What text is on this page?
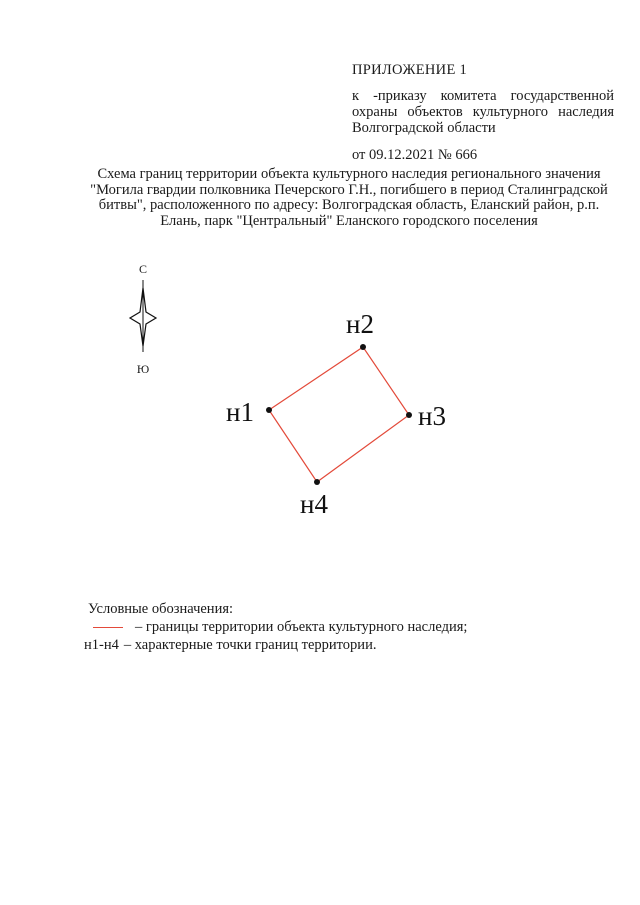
ПРИЛОЖЕНИЕ 1
к -приказу комитета государственной охраны объектов культурного наследия Волгоградской области
от 09.12.2021 № 666
Схема границ территории объекта культурного наследия регионального значения "Могила гвардии полковника Печерского Г.Н., погибшего в период Сталинградской битвы", расположенного по адресу: Волгоградская область, Еланский район, р.п. Елань, парк "Центральный" Еланского городского поселения
С
Ю
н1
н2
н3
н4
Условные обозначения:
– границы территории объекта культурного наследия;
н1-н4 – характерные точки границ территории.
